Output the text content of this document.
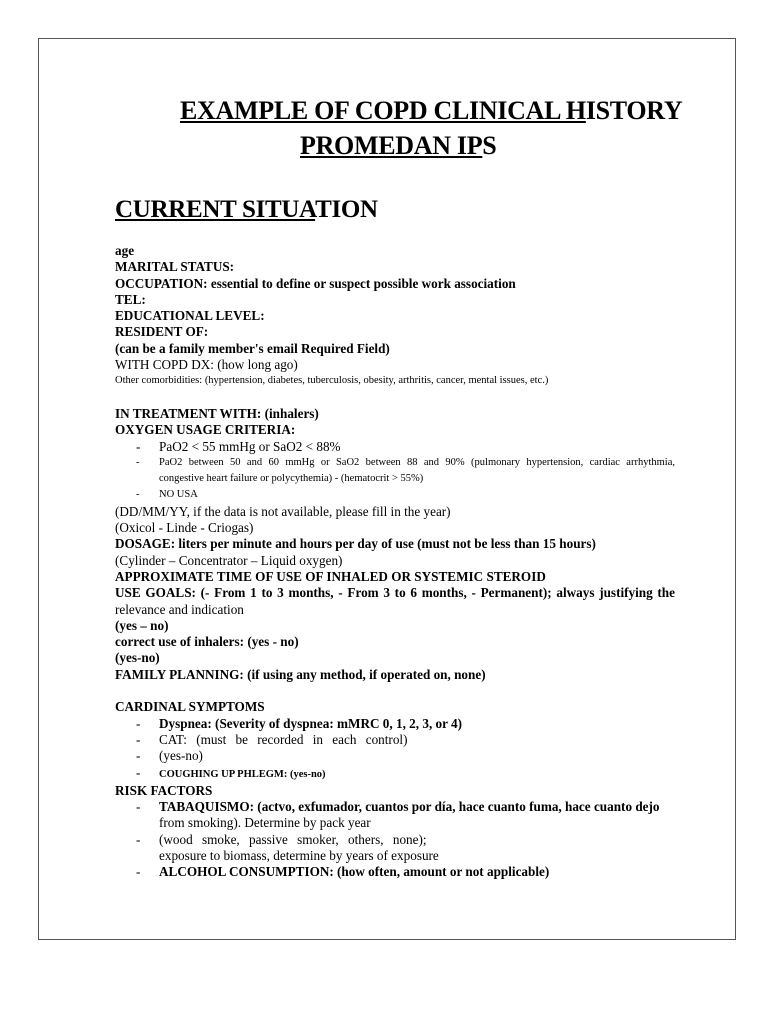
EXAMPLE OF COPD CLINICAL HISTORY
PROMEDAN IPS
CURRENT SITUATION
age
MARITAL STATUS:
OCCUPATION: essential to define or suspect possible work association
TEL:
EDUCATIONAL LEVEL:
RESIDENT OF:
(can be a family member's email Required Field)
WITH COPD DX: (how long ago)
Other comorbidities: (hypertension, diabetes, tuberculosis, obesity, arthritis, cancer, mental issues, etc.)
IN TREATMENT WITH: (inhalers)
OXYGEN USAGE CRITERIA:
- PaO2 < 55 mmHg or SaO2 < 88%
- PaO2 between 50 and 60 mmHg or SaO2 between 88 and 90% (pulmonary hypertension, cardiac arrhythmia,
congestive heart failure or polycythemia) - (hematocrit > 55%)
- NO USA
(DD/MM/YY, if the data is not available, please fill in the year)
(Oxicol - Linde - Criogas)
DOSAGE: liters per minute and hours per day of use (must not be less than 15 hours)
(Cylinder – Concentrator – Liquid oxygen)
APPROXIMATE TIME OF USE OF INHALED OR SYSTEMIC STEROID
USE GOALS: (- From 1 to 3 months, - From 3 to 6 months, - Permanent); always justifying the
relevance and indication
(yes – no)
correct use of inhalers: (yes - no)
(yes-no)
FAMILY PLANNING: (if using any method, if operated on, none)
CARDINAL SYMPTOMS
- Dyspnea: (Severity of dyspnea: mMRC 0, 1, 2, 3, or 4)
- CAT: (must be recorded in each control)
- (yes-no)
- COUGHING UP PHLEGM: (yes-no)
RISK FACTORS
- TABAQUISMO: (actvo, exfumador, cuantos por día, hace cuanto fuma, hace cuanto dejo
from smoking). Determine by pack year
- (wood smoke, passive smoker, others, none);
exposure to biomass, determine by years of exposure
- ALCOHOL CONSUMPTION: (how often, amount or not applicable)
